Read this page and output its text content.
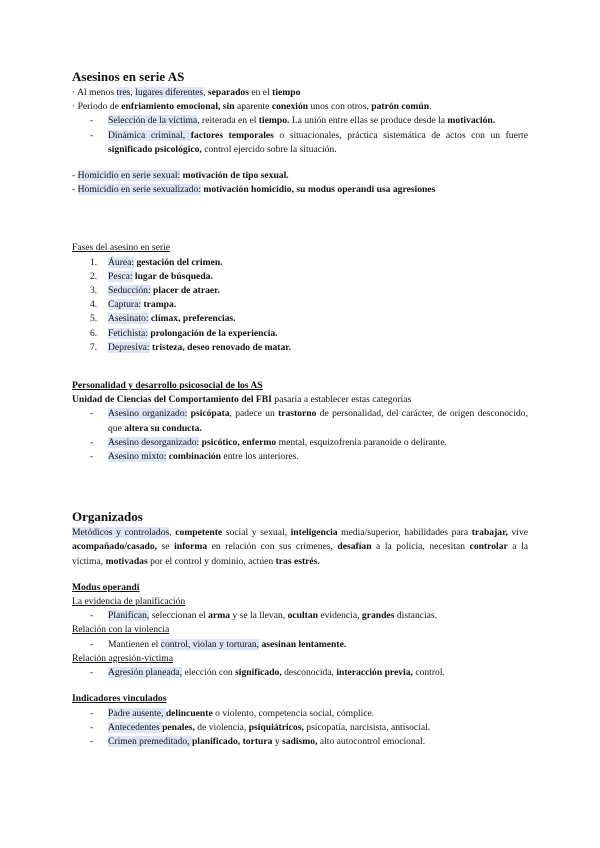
Asesinos en serie AS

· Al menos tres, lugares diferentes, separados en el tiempo

· Periodo de enfriamiento emocional, sin aparente conexión unos con otros, patrón común.

- Selección de la víctima, reiterada en el tiempo. La unión entre ellas se produce desde la motivación.
- Dinámica criminal, factores temporales o situacionales, práctica sistemática de actos con un fuerte significado psicológico, control ejercido sobre la situación.

- Homicidio en serie sexual: motivación de tipo sexual.

- Homicidio en serie sexualizado: motivación homicidio, su modus operandi usa agresiones

Fases del asesino en serie

1. Áurea: gestación del crimen.
2. Pesca: lugar de búsqueda.
3. Seducción: placer de atraer.
4. Captura: trampa.
5. Asesinato: clímax, preferencias.
6. Fetichista: prolongación de la experiencia.
7. Depresiva: tristeza, deseo renovado de matar.

Personalidad y desarrollo psicosocial de los AS

Unidad de Ciencias del Comportamiento del FBI pasaría a establecer estas categorías

- Asesino organizado: psicópata, padece un trastorno de personalidad, del carácter, de origen desconocido, que altera su conducta.
- Asesino desorganizado: psicótico, enfermo mental, esquizofrenia paranoide o delirante.
- Asesino mixto: combinación entre los anteriores.

Organizados

Metódicos y controlados, competente social y sexual, inteligencia media/superior, habilidades para trabajar, vive acompañado/casado, se informa en relación con sus crímenes, desafían a la policía, necesitan controlar a la víctima, motivadas por el control y dominio, actúen tras estrés.

Modus operandi

La evidencia de planificación

- Planifican, seleccionan el arma y se la llevan, ocultan evidencia, grandes distancias.

Relación con la violencia

- Mantienen el control, violan y torturan, asesinan lentamente.

Relación agresión-víctima

- Agresión planeada, elección con significado, desconocida, interacción previa, control.

Indicadores vinculados

- Padre ausente, delincuente o violento, competencia social, cómplice.
- Antecedentes penales, de violencia, psiquiátricos, psicopatía, narcisista, antisocial.
- Crimen premeditado, planificado, tortura y sadismo, alto autocontrol emocional.
